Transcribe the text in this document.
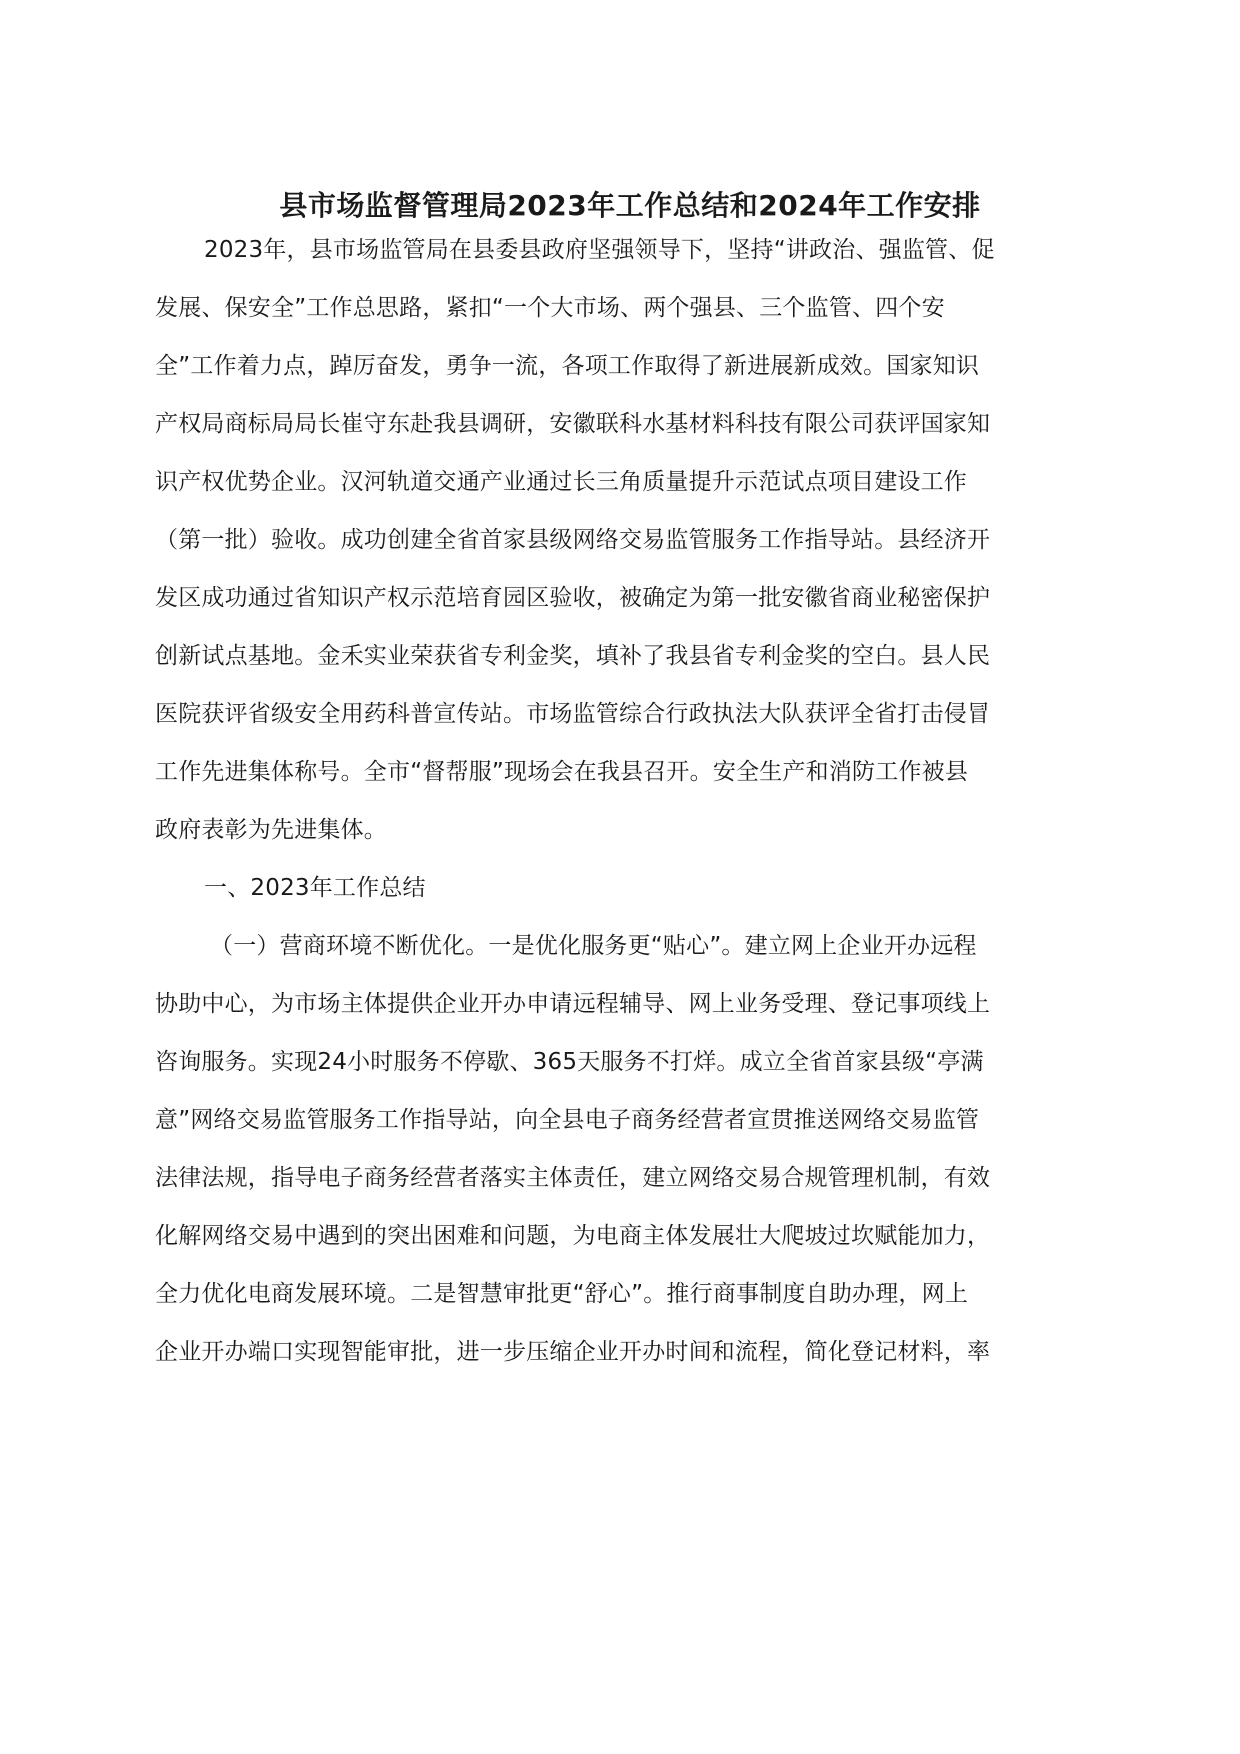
县市场监督管理局2023年工作总结和2024年工作安排
2023年，县市场监管局在县委县政府坚强领导下，坚持“讲政治、强监管、促
发展、保安全”工作总思路，紧扣“一个大市场、两个强县、三个监管、四个安
全”工作着力点，踔厉奋发，勇争一流，各项工作取得了新进展新成效。国家知识
产权局商标局局长崔守东赴我县调研，安徽联科水基材料科技有限公司获评国家知
识产权优势企业。汉河轨道交通产业通过长三角质量提升示范试点项目建设工作
（第一批）验收。成功创建全省首家县级网络交易监管服务工作指导站。县经济开
发区成功通过省知识产权示范培育园区验收，被确定为第一批安徽省商业秘密保护
创新试点基地。金禾实业荣获省专利金奖，填补了我县省专利金奖的空白。县人民
医院获评省级安全用药科普宣传站。市场监管综合行政执法大队获评全省打击侵冒
工作先进集体称号。全市“督帮服”现场会在我县召开。安全生产和消防工作被县
政府表彰为先进集体。
一、2023年工作总结
（一）营商环境不断优化。一是优化服务更“贴心”。建立网上企业开办远程
协助中心，为市场主体提供企业开办申请远程辅导、网上业务受理、登记事项线上
咨询服务。实现24小时服务不停歇、365天服务不打烊。成立全省首家县级“亭满
意”网络交易监管服务工作指导站，向全县电子商务经营者宣贯推送网络交易监管
法律法规，指导电子商务经营者落实主体责任，建立网络交易合规管理机制，有效
化解网络交易中遇到的突出困难和问题，为电商主体发展壮大爬坡过坎赋能加力，
全力优化电商发展环境。二是智慧审批更“舒心”。推行商事制度自助办理，网上
企业开办端口实现智能审批，进一步压缩企业开办时间和流程，简化登记材料，率
